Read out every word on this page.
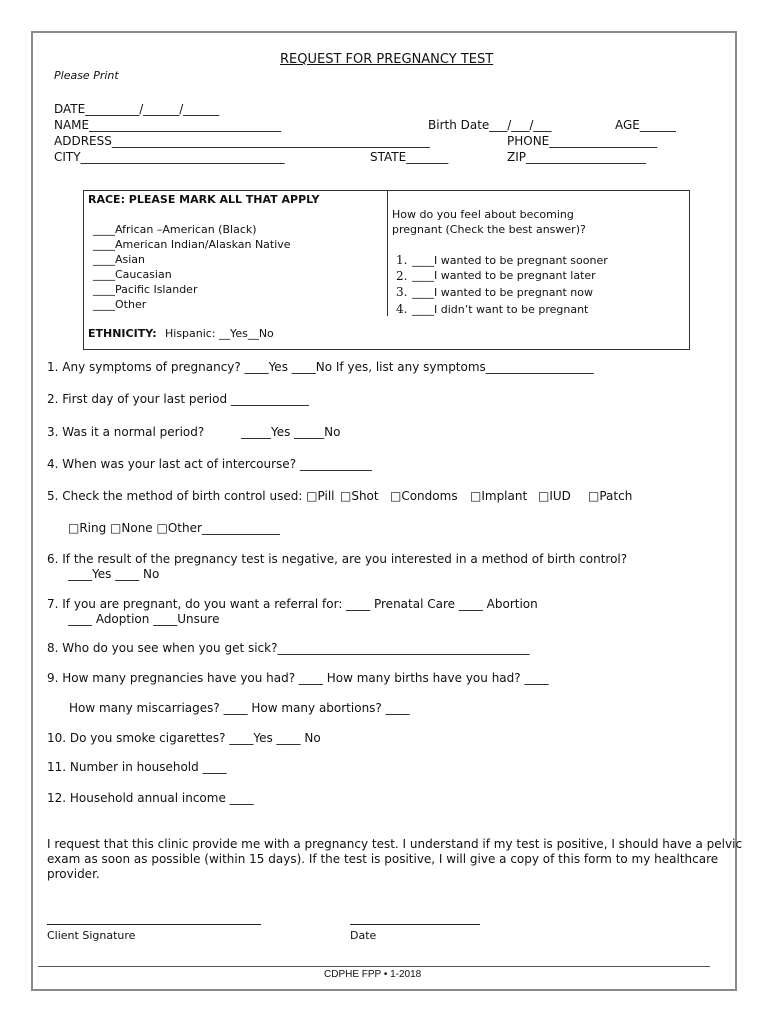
REQUEST FOR PREGNANCY TEST
Please Print
DATE_________/______/______
NAME________________________________
ADDRESS_____________________________________________________
CITY__________________________________
Birth Date___/___/___	AGE______
PHONE__________________
STATE_______	ZIP____________________
RACE: PLEASE MARK ALL THAT APPLY
____African –American (Black)
____American Indian/Alaskan Native
____Asian
____Caucasian
____Pacific Islander
____Other
ETHNICITY: Hispanic: __Yes__No
How do you feel about becoming
pregnant (Check the best answer)?
1. ____I wanted to be pregnant sooner
2. ____I wanted to be pregnant later
3. ____I wanted to be pregnant now
4. ____I didn’t want to be pregnant
1. Any symptoms of pregnancy? ____Yes ____No If yes, list any symptoms__________________
2. First day of your last period _____________
3. Was it a normal period?	_____Yes _____No
4. When was your last act of intercourse? ____________
5. Check the method of birth control used: □Pill □Shot □Condoms □Implant □IUD □Patch
□Ring □None □Other_____________
6. If the result of the pregnancy test is negative, are you interested in a method of birth control?
____Yes ____ No
7. If you are pregnant, do you want a referral for: ____ Prenatal Care ____ Abortion
____ Adoption ____Unsure
8. Who do you see when you get sick?__________________________________________
9. How many pregnancies have you had? ____ How many births have you had? ____
How many miscarriages? ____ How many abortions? ____
10. Do you smoke cigarettes? ____Yes ____ No
11. Number in household ____
12. Household annual income ____
I request that this clinic provide me with a pregnancy test. I understand if my test is positive, I should have a pelvic
exam as soon as possible (within 15 days). If the test is positive, I will give a copy of this form to my healthcare
provider.
Client Signature	Date
CDPHE FPP • 1-2018
